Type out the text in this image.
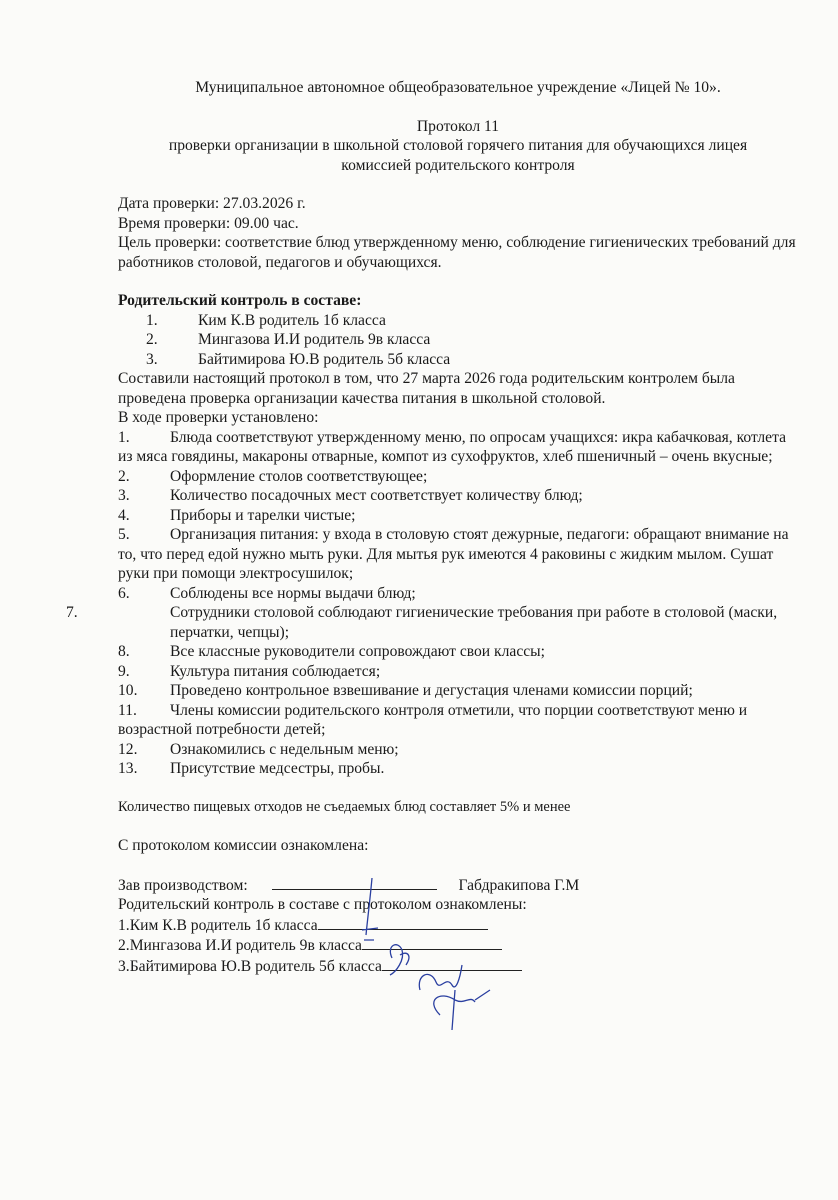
Муниципальное автономное общеобразовательное учреждение «Лицей № 10».
Протокол 11
проверки организации в школьной столовой горячего питания для обучающихся лицея
комиссией родительского контроля
Дата проверки: 27.03.2026 г.
Время проверки: 09.00 час.
Цель проверки: соответствие блюд утвержденному меню, соблюдение гигиенических требований для работников столовой, педагогов и обучающихся.
Родительский контроль в составе:
1.	Ким К.В родитель 1б класса
2.	Мингазова И.И родитель 9в класса
3.	Байтимирова Ю.В родитель 5б класса
Составили настоящий протокол в том, что 27 марта 2026 года родительским контролем была проведена проверка организации качества питания в школьной столовой.
В ходе проверки установлено:
1.	Блюда соответствуют утвержденному меню, по опросам учащихся: икра кабачковая, котлета из мяса говядины, макароны отварные, компот из сухофруктов, хлеб пшеничный – очень вкусные;
2.	Оформление столов соответствующее;
3.	Количество посадочных мест соответствует количеству блюд;
4.	Приборы и тарелки чистые;
5.	Организация питания: у входа в столовую стоят дежурные, педагоги: обращают внимание на то, что перед едой нужно мыть руки. Для мытья рук имеются 4 раковины с жидким мылом. Сушат руки при помощи электросушилок;
6.	Соблюдены все нормы выдачи блюд;
7.	Сотрудники столовой соблюдают гигиенические требования при работе в столовой (маски, перчатки, чепцы);
8.	Все классные руководители сопровождают свои классы;
9.	Культура питания соблюдается;
10. Проведено контрольное взвешивание и дегустация членами комиссии порций;
11. Члены комиссии родительского контроля отметили, что порции соответствуют меню и возрастной потребности детей;
12. Ознакомились с недельным меню;
13. Присутствие медсестры, пробы.
Количество пищевых отходов не съедаемых блюд составляет 5% и менее
С протоколом комиссии ознакомлена:
Зав производством:	Габдракипова Г.М
Родительский контроль в составе с протоколом ознакомлены:
1.Ким К.В родитель 1б класса
2.Мингазова И.И родитель 9в класса
3.Байтимирова Ю.В родитель 5б класса
